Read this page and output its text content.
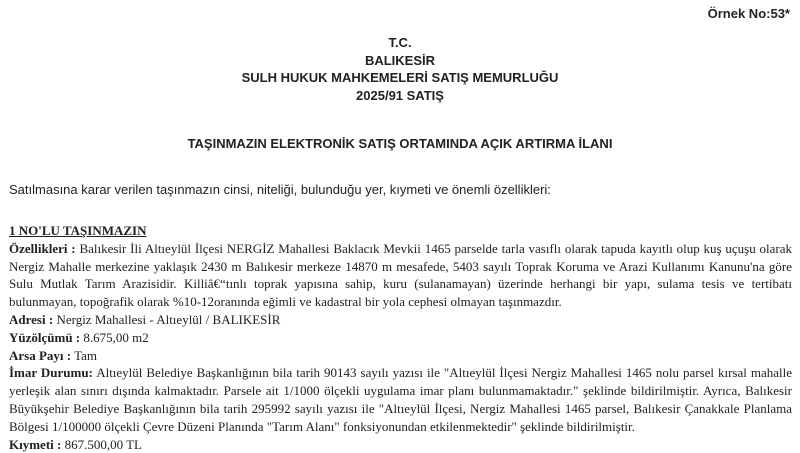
Örnek No:53*
T.C.
BALIKESİR
SULH HUKUK MAHKEMELERİ SATIŞ MEMURLUĞU
2025/91 SATIŞ
TAŞINMAZIN ELEKTRONİK SATIŞ ORTAMINDA AÇIK ARTIRMA İLANI
Satılmasına karar verilen taşınmazın cinsi, niteliği, bulunduğu yer, kıymeti ve önemli özellikleri:

1 NO'LU TAŞINMAZIN

Özellikleri : Balıkesir İli Altıeylül İlçesi NERGİZ Mahallesi Baklacık Mevkii 1465 parselde tarla vasıflı olarak tapuda kayıtlı olup kuş uçuşu olarak Nergiz Mahalle merkezine yaklaşık 2430 m Balıkesir merkeze 14870 m mesafede, 5403 sayılı Toprak Koruma ve Arazi Kullanımı Kanunu'na göre Sulu Mutlak Tarım Arazisidir. Killiâ€“tınlı toprak yapısına sahip, kuru (sulanamayan) üzerinde herhangi bir yapı, sulama tesis ve tertibatı bulunmayan, topoğrafik olarak %10-12oranında eğimli ve kadastral bir yola cephesi olmayan taşınmazdır.

Adresi : Nergiz Mahallesi - Altıeylül / BALIKESİR

Yüzölçümü : 8.675,00 m2

Arsa Payı : Tam

İmar Durumu: Altıeylül Belediye Başkanlığının bila tarih 90143 sayılı yazısı ile "Altıeylül İlçesi Nergiz Mahallesi 1465 nolu parsel kırsal mahalle yerleşik alan sınırı dışında kalmaktadır. Parsele ait 1/1000 ölçekli uygulama imar planı bulunmamaktadır." şeklinde bildirilmiştir. Ayrıca, Balıkesir Büyükşehir Belediye Başkanlığının bila tarih 295992 sayılı yazısı ile "Altıeylül İlçesi, Nergiz Mahallesi 1465 parsel, Balıkesir Çanakkale Planlama Bölgesi 1/100000 ölçekli Çevre Düzeni Planında "Tarım Alanı" fonksiyonundan etkilenmektedir" şeklinde bildirilmiştir.

Kıymeti : 867.500,00 TL
